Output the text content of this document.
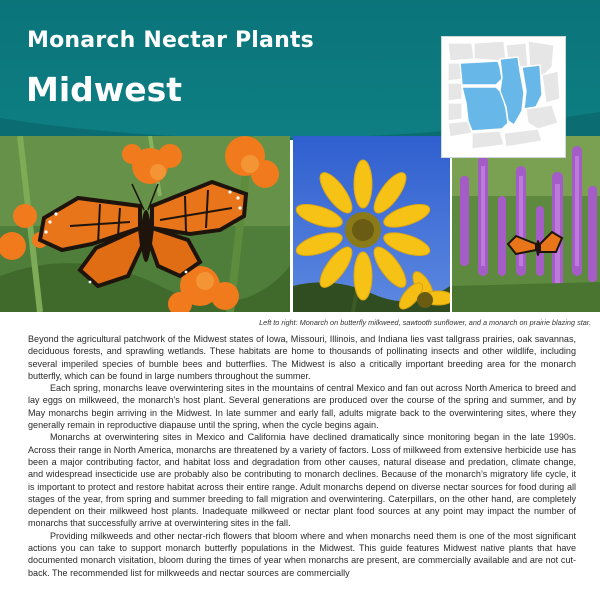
Monarch Nectar Plants
Midwest

Left to right: Monarch on butterfly milkweed, sawtooth sunflower, and a monarch on prairie blazing star.

Beyond the agricultural patchwork of the Midwest states of Iowa, Missouri, Illinois, and Indiana lies vast tallgrass prairies, oak savannas, deciduous forests, and sprawling wetlands. These habitats are home to thousands of pollinating insects and other wildlife, including several imperiled species of bumble bees and butterflies. The Midwest is also a critically important breeding area for the monarch butterfly, which can be found in large numbers throughout the summer.

Each spring, monarchs leave overwintering sites in the mountains of central Mexico and fan out across North America to breed and lay eggs on milkweed, the monarch’s host plant. Several generations are produced over the course of the spring and summer, and by May monarchs begin arriving in the Midwest. In late summer and early fall, adults migrate back to the overwintering sites, where they generally remain in reproductive diapause until the spring, when the cycle begins again.

Monarchs at overwintering sites in Mexico and California have declined dramatically since monitoring began in the late 1990s. Across their range in North America, monarchs are threatened by a variety of factors. Loss of milkweed from extensive herbicide use has been a major contributing factor, and habitat loss and degradation from other causes, natural disease and predation, climate change, and widespread insecticide use are probably also be contributing to monarch declines. Because of the monarch’s migratory life cycle, it is important to protect and restore habitat across their entire range. Adult monarchs depend on diverse nectar sources for food during all stages of the year, from spring and summer breeding to fall migration and overwintering. Caterpillars, on the other hand, are completely dependent on their milkweed host plants. Inadequate milkweed or nectar plant food sources at any point may impact the number of monarchs that successfully arrive at overwintering sites in the fall.

Providing milkweeds and other nectar-rich flowers that bloom where and when monarchs need them is one of the most significant actions you can take to support monarch butterfly populations in the Midwest. This guide features Midwest native plants that have documented monarch visitation, bloom during the times of year when monarchs are present, are commercially available and are not cut-back. The recommended list for milkweeds and nectar sources are commercially
